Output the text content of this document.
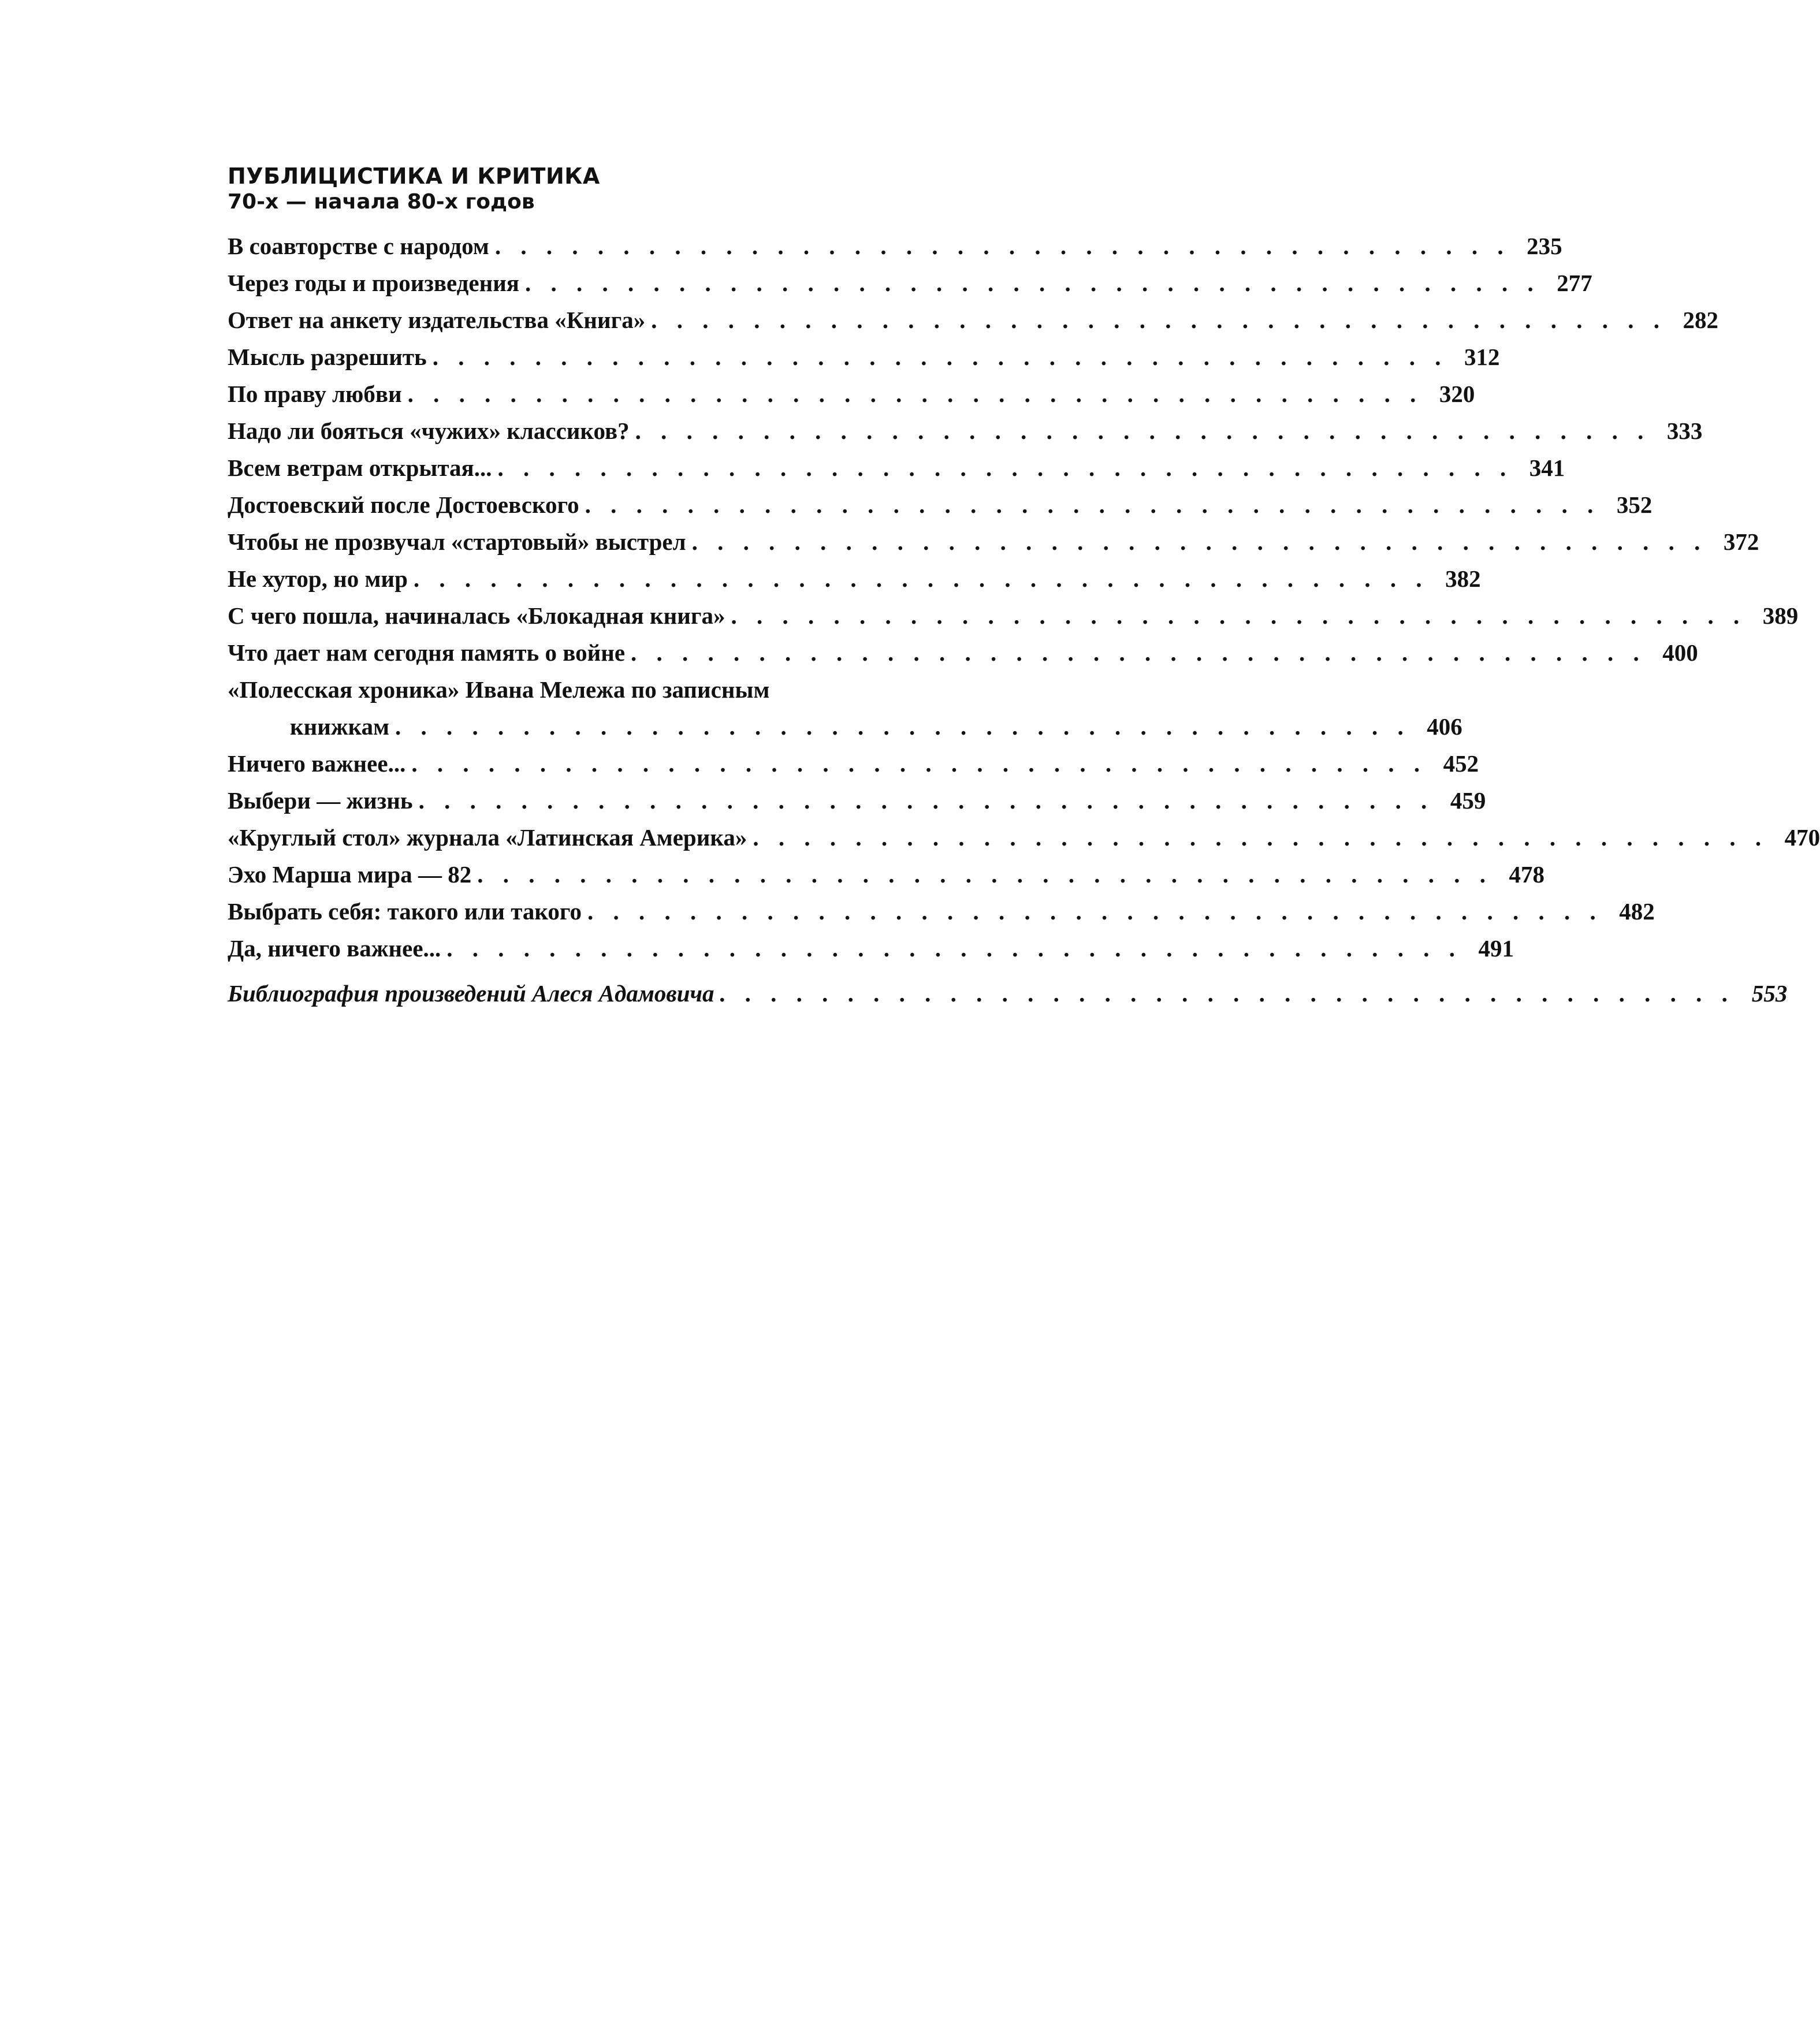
ПУБЛИЦИСТИКА И КРИТИКА
70-х — начала 80-х годов
В соавторстве с народом . . . . . . . . . . . . . . . . . . . . . . . . . . . . . . . . . . . . . . . . 235
Через годы и произведения . . . . . . . . . . . . . . . . . . . . . . . . . . . . . . . . . . . . . . . . 277
Ответ на анкету издательства «Книга» . . . . . . . . . . . . . . . . . . . . . . . . . . . . . . . . . . . . . . . . 282
Мысль разрешить . . . . . . . . . . . . . . . . . . . . . . . . . . . . . . . . . . . . . . . . 312
По праву любви . . . . . . . . . . . . . . . . . . . . . . . . . . . . . . . . . . . . . . . . 320
Надо ли бояться «чужих» классиков? . . . . . . . . . . . . . . . . . . . . . . . . . . . . . . . . . . . . . . . . 333
Всем ветрам открытая... . . . . . . . . . . . . . . . . . . . . . . . . . . . . . . . . . . . . . . . . 341
Достоевский после Достоевского . . . . . . . . . . . . . . . . . . . . . . . . . . . . . . . . . . . . . . . . 352
Чтобы не прозвучал «стартовый» выстрел . . . . . . . . . . . . . . . . . . . . . . . . . . . . . . . . . . . . . . . . 372
Не хутор, но мир . . . . . . . . . . . . . . . . . . . . . . . . . . . . . . . . . . . . . . . . 382
С чего пошла, начиналась «Блокадная книга» . . . . . . . . . . . . . . . . . . . . . . . . . . . . . . . . . . . . . . . . 389
Что дает нам сегодня память о войне . . . . . . . . . . . . . . . . . . . . . . . . . . . . . . . . . . . . . . . . 400
«Полесская хроника» Ивана Мележа по записным
книжкам . . . . . . . . . . . . . . . . . . . . . . . . . . . . . . . . . . . . . . . . 406
Ничего важнее... . . . . . . . . . . . . . . . . . . . . . . . . . . . . . . . . . . . . . . . . 452
Выбери — жизнь . . . . . . . . . . . . . . . . . . . . . . . . . . . . . . . . . . . . . . . . 459
«Круглый стол» журнала «Латинская Америка» . . . . . . . . . . . . . . . . . . . . . . . . . . . . . . . . . . . . . . . . 470
Эхо Марша мира — 82 . . . . . . . . . . . . . . . . . . . . . . . . . . . . . . . . . . . . . . . . 478
Выбрать себя: такого или такого . . . . . . . . . . . . . . . . . . . . . . . . . . . . . . . . . . . . . . . . 482
Да, ничего важнее... . . . . . . . . . . . . . . . . . . . . . . . . . . . . . . . . . . . . . . . . 491
Библиография произведений Алеся Адамовича . . . . . . . . . . . . . . . . . . . . . . . . . . . . . . . . . . . . . . . . 553
